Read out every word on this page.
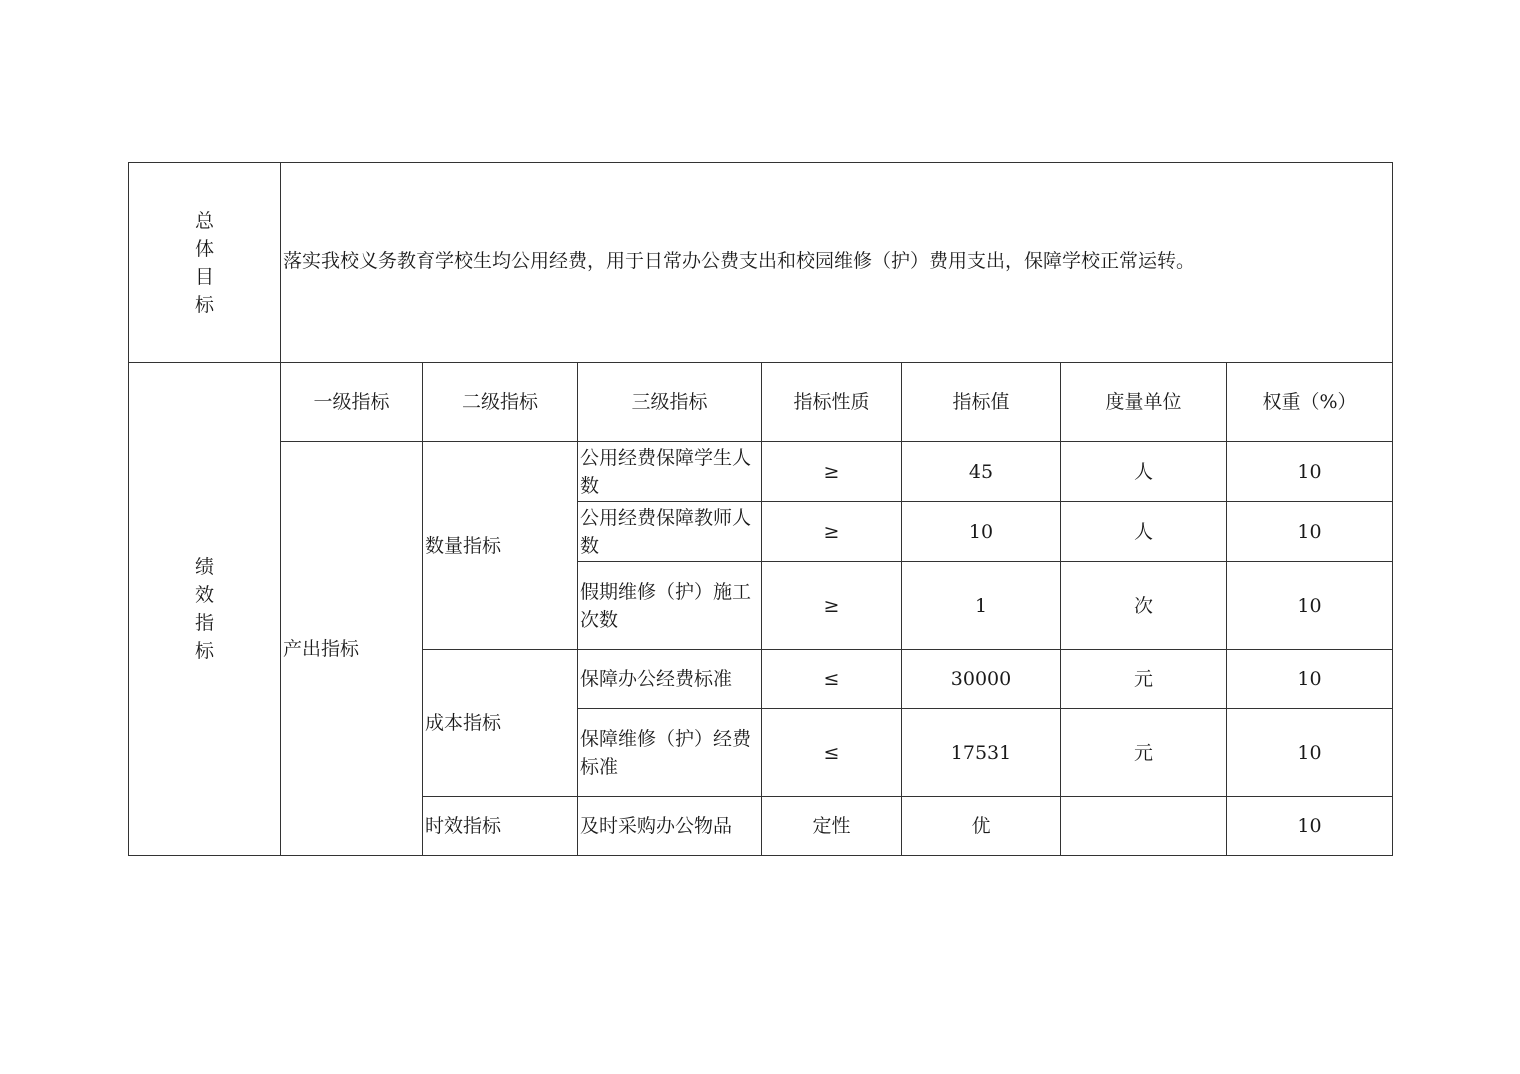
总体目标	落实我校义务教育学校生均公用经费，用于日常办公费支出和校园维修（护）费用支出，保障学校正常运转。						
绩效指标	一级指标	二级指标	三级指标	指标性质	指标值	度量单位	权重（%）
	产出指标	数量指标	公用经费保障学生人数	≥	45	人	10
			公用经费保障教师人数	≥	10	人	10
			假期维修（护）施工次数	≥	1	次	10
		成本指标	保障办公经费标准	≤	30000	元	10
			保障维修（护）经费标准	≤	17531	元	10
		时效指标	及时采购办公物品	定性	优		10
